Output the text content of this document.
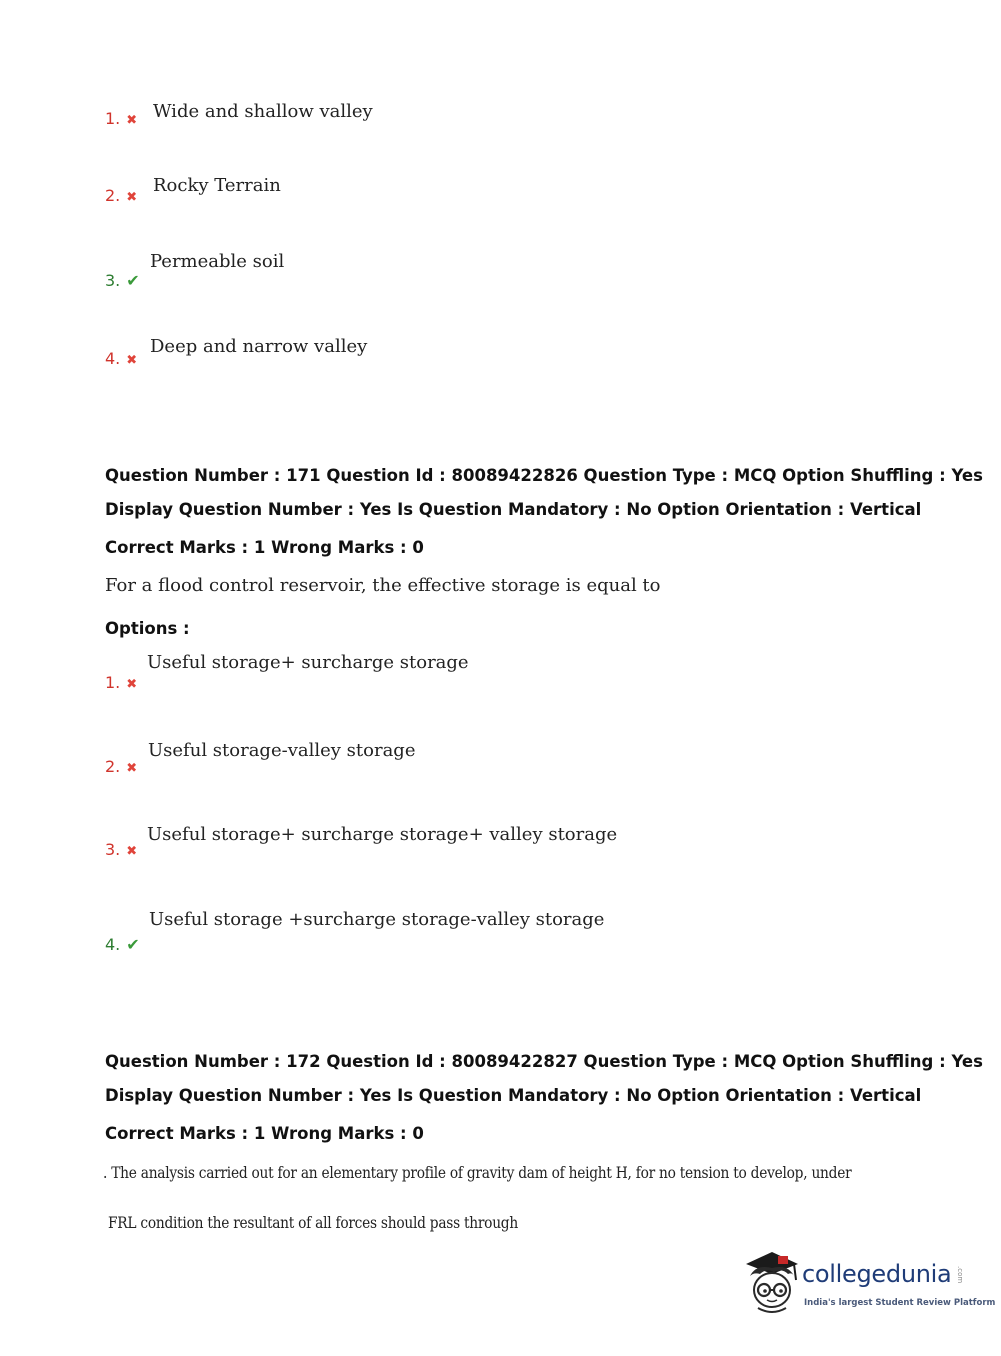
1. ✖ Wide and shallow valley
2. ✖
Rocky Terrain
3. ✔
Permeable soil
4. ✖
Deep and narrow valley
Question Number : 171 Question Id : 80089422826 Question Type : MCQ Option Shuffling : Yes
Display Question Number : Yes Is Question Mandatory : No Option Orientation : Vertical
Correct Marks : 1 Wrong Marks : 0
For a flood control reservoir, the effective storage is equal to
Options :
1. ✖
Useful storage+ surcharge storage
2. ✖
Useful storage-valley storage
3. ✖
Useful storage+ surcharge storage+ valley storage
4. ✔
Useful storage +surcharge storage-valley storage
Question Number : 172 Question Id : 80089422827 Question Type : MCQ Option Shuffling : Yes
Display Question Number : Yes Is Question Mandatory : No Option Orientation : Vertical
Correct Marks : 1 Wrong Marks : 0
. The analysis carried out for an elementary profile of gravity dam of height H, for no tension to develop, under
FRL condition the resultant of all forces should pass through
collegedunia .com
India's largest Student Review Platform
